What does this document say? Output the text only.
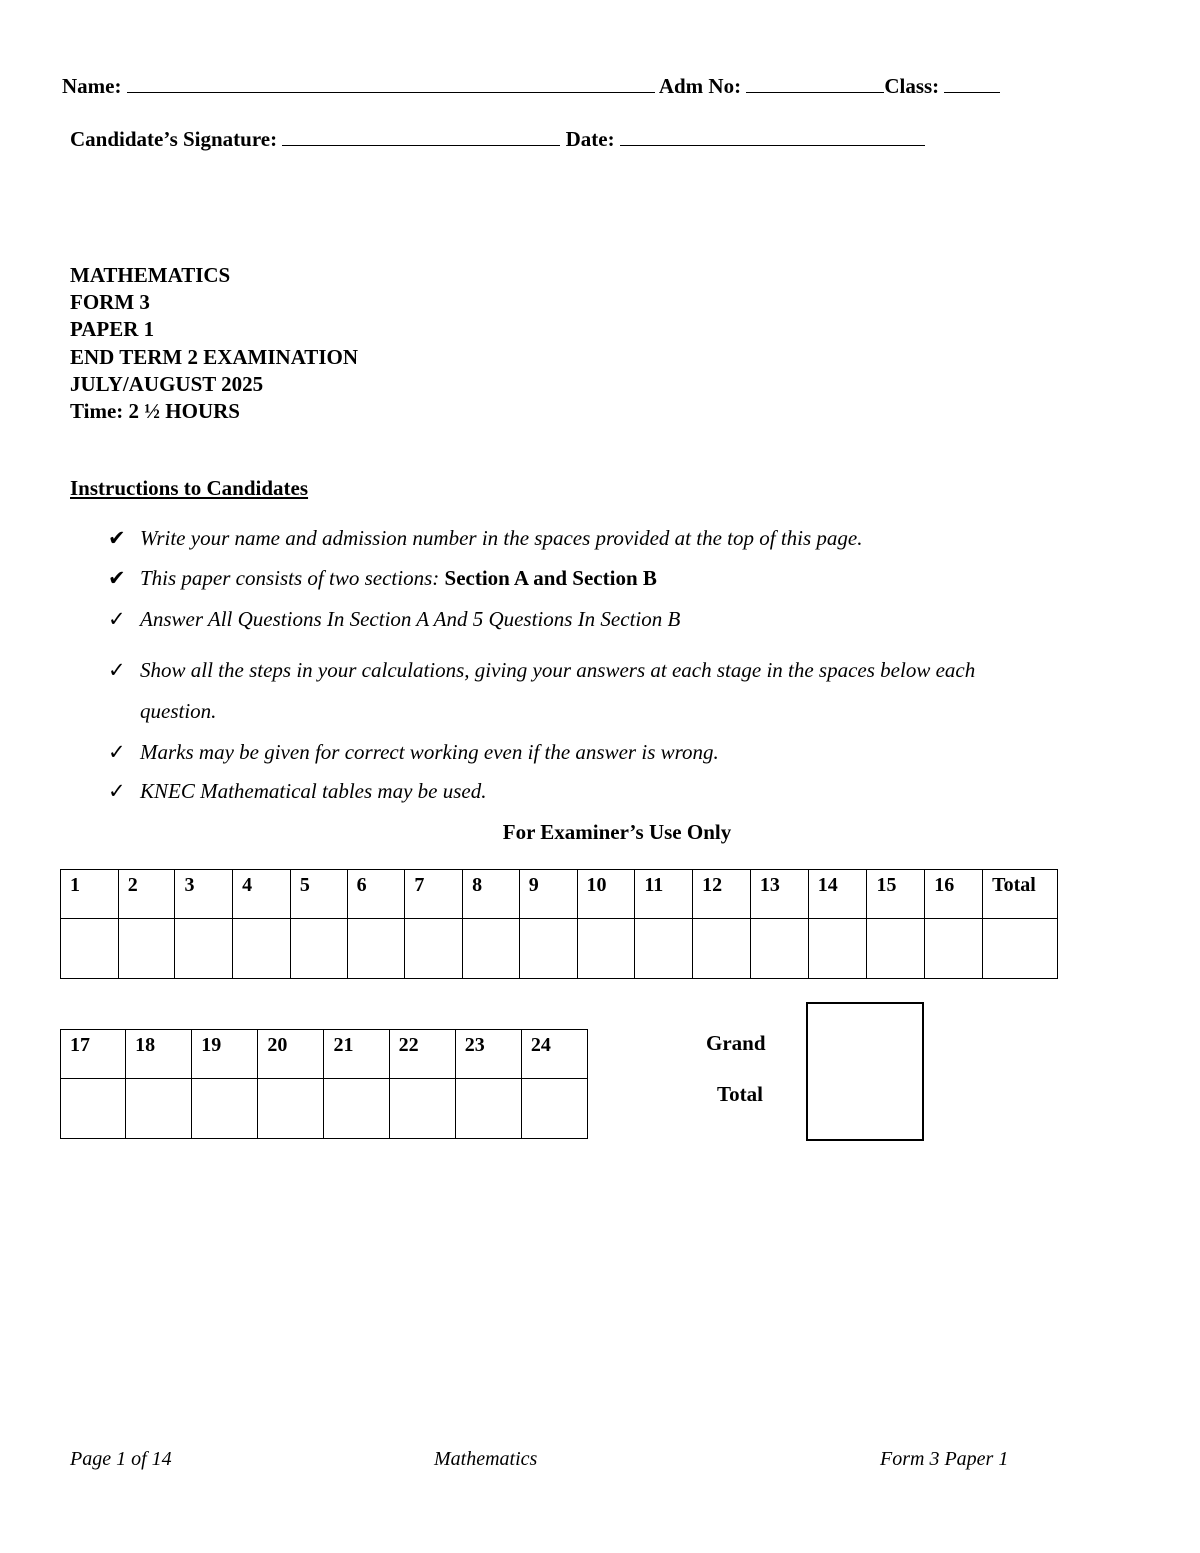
Name:	Adm No:	Class:
Candidate’s Signature:	Date:
MATHEMATICS
FORM 3
PAPER 1
END TERM 2 EXAMINATION
JULY/AUGUST 2025
Time: 2 ½ HOURS
Instructions to Candidates
✔ Write your name and admission number in the spaces provided at the top of this page.
✔ This paper consists of two sections: Section A and Section B
✓ Answer All Questions In Section A And 5 Questions In Section B
✓ Show all the steps in your calculations, giving your answers at each stage in the spaces below each
question.
✓ Marks may be given for correct working even if the answer is wrong.
✓ KNEC Mathematical tables may be used.
For Examiner’s Use Only
1	2	3	4	5	6	7	8	9	10	11	12	13	14	15	16	Total

17	18	19	20	21	22	23	24

								Grand
Total
Page 1 of 14	Mathematics	Form 3 Paper 1
